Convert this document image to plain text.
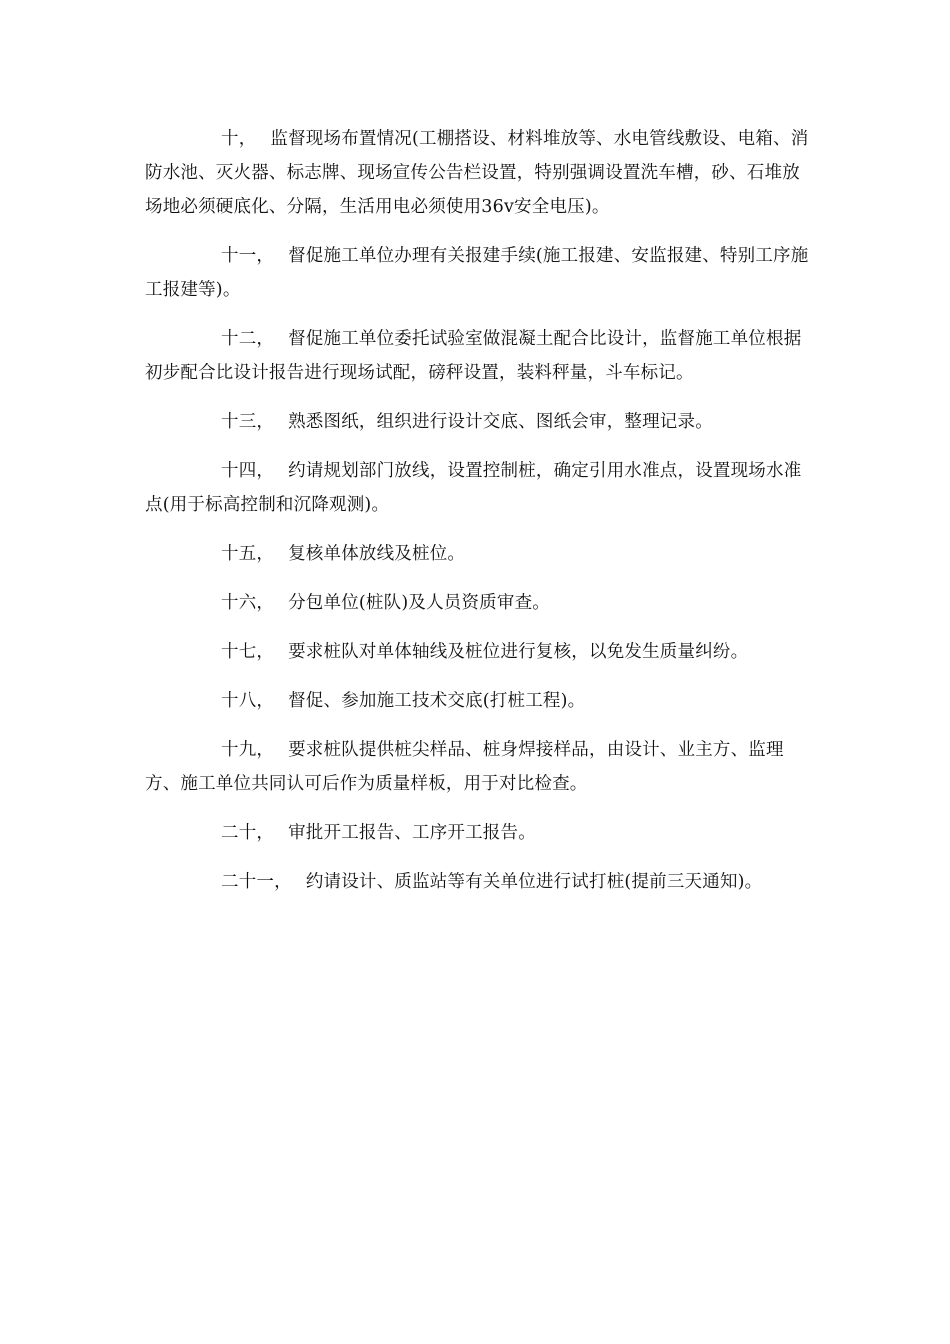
十， 监督现场布置情况(工棚搭设、材料堆放等、水电管线敷设、电箱、消防水池、灭火器、标志牌、现场宣传公告栏设置，特别强调设置洗车槽，砂、石堆放场地必须硬底化、分隔，生活用电必须使用36v安全电压)。

十一， 督促施工单位办理有关报建手续(施工报建、安监报建、特别工序施工报建等)。

十二， 督促施工单位委托试验室做混凝土配合比设计，监督施工单位根据初步配合比设计报告进行现场试配，磅秤设置，装料秤量，斗车标记。

十三， 熟悉图纸，组织进行设计交底、图纸会审，整理记录。

十四， 约请规划部门放线，设置控制桩，确定引用水准点，设置现场水准点(用于标高控制和沉降观测)。

十五， 复核单体放线及桩位。

十六， 分包单位(桩队)及人员资质审查。

十七， 要求桩队对单体轴线及桩位进行复核，以免发生质量纠纷。

十八， 督促、参加施工技术交底(打桩工程)。

十九， 要求桩队提供桩尖样品、桩身焊接样品，由设计、业主方、监理方、施工单位共同认可后作为质量样板，用于对比检查。

二十， 审批开工报告、工序开工报告。

二十一， 约请设计、质监站等有关单位进行试打桩(提前三天通知)。
